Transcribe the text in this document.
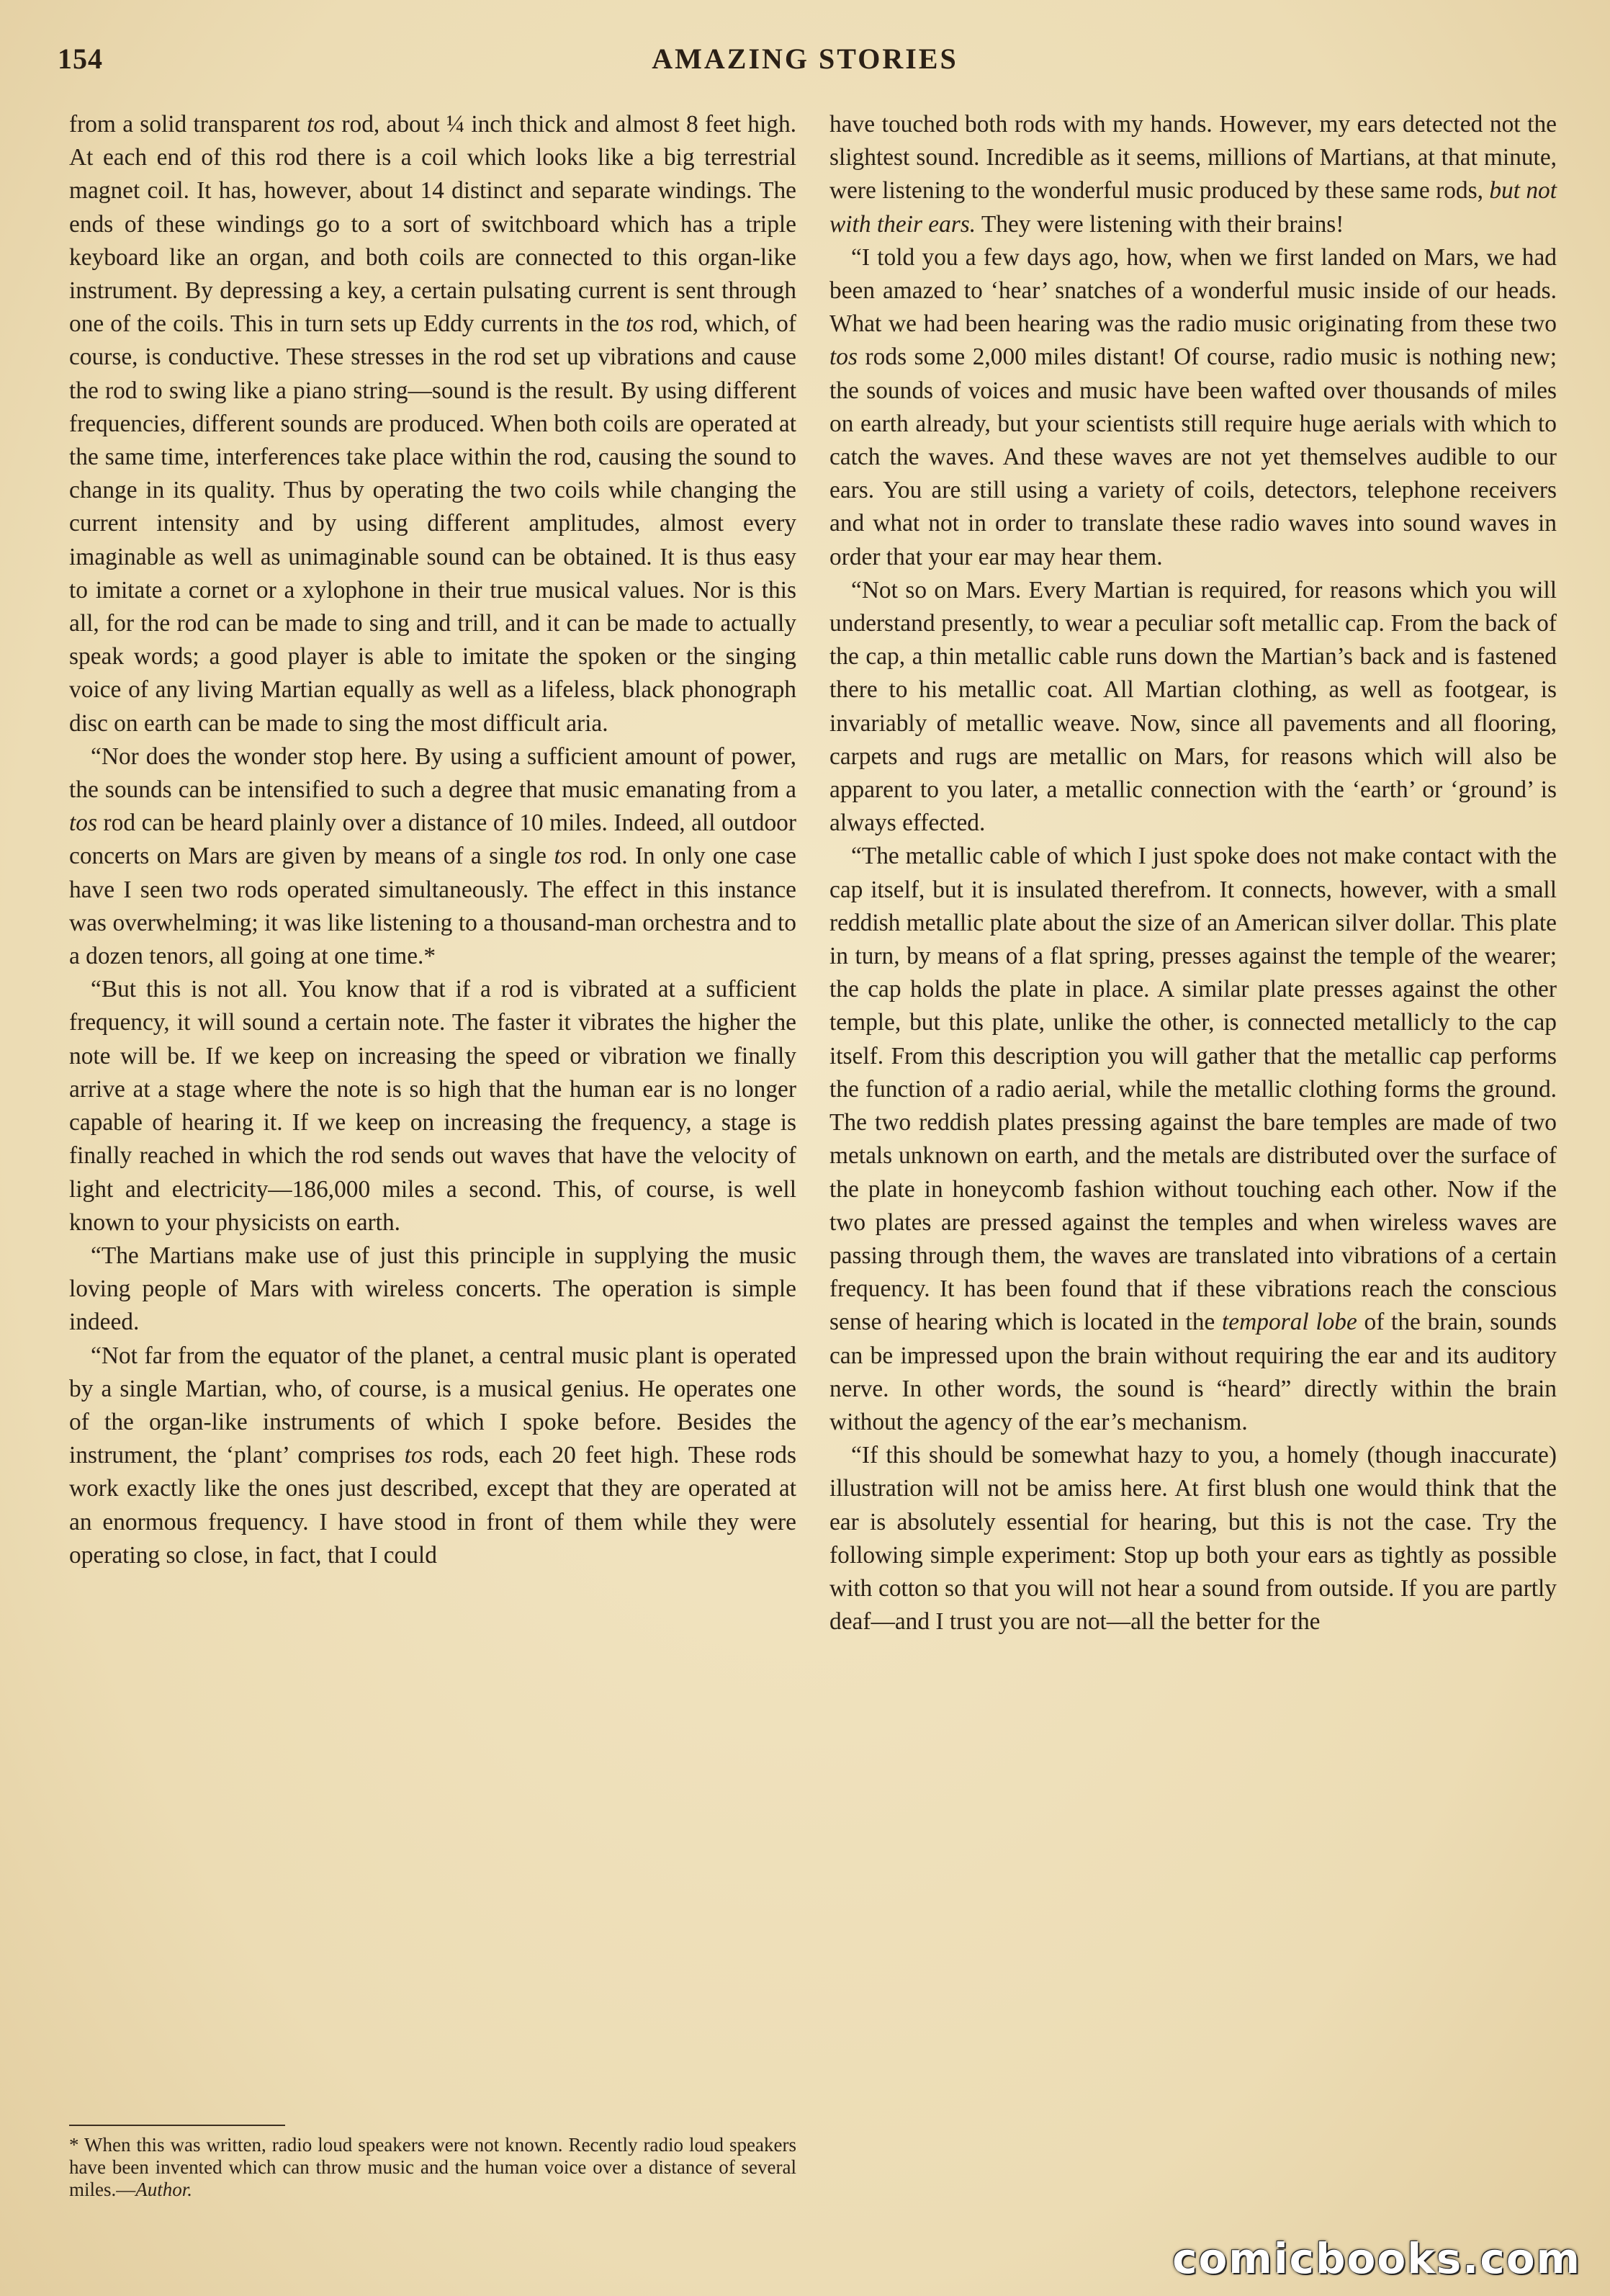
154	AMAZING STORIES

from a solid transparent tos rod, about ¼ inch thick and almost 8 feet high. At each end of this rod there is a coil which looks like a big terrestrial magnet coil. It has, however, about 14 distinct and separate windings. The ends of these windings go to a sort of switchboard which has a triple keyboard like an organ, and both coils are connected to this organ-like instrument. By depressing a key, a certain pulsating current is sent through one of the coils. This in turn sets up Eddy currents in the tos rod, which, of course, is conductive. These stresses in the rod set up vibrations and cause the rod to swing like a piano string—sound is the result. By using different frequencies, different sounds are produced. When both coils are operated at the same time, interferences take place within the rod, causing the sound to change in its quality. Thus by operating the two coils while changing the current intensity and by using different amplitudes, almost every imaginable as well as unimaginable sound can be obtained. It is thus easy to imitate a cornet or a xylophone in their true musical values. Nor is this all, for the rod can be made to sing and trill, and it can be made to actually speak words; a good player is able to imitate the spoken or the singing voice of any living Martian equally as well as a lifeless, black phonograph disc on earth can be made to sing the most difficult aria.

“Nor does the wonder stop here. By using a sufficient amount of power, the sounds can be intensified to such a degree that music emanating from a tos rod can be heard plainly over a distance of 10 miles. Indeed, all outdoor concerts on Mars are given by means of a single tos rod. In only one case have I seen two rods operated simultaneously. The effect in this instance was overwhelming; it was like listening to a thousand-man orchestra and to a dozen tenors, all going at one time.*

“But this is not all. You know that if a rod is vibrated at a sufficient frequency, it will sound a certain note. The faster it vibrates the higher the note will be. If we keep on increasing the speed or vibration we finally arrive at a stage where the note is so high that the human ear is no longer capable of hearing it. If we keep on increasing the frequency, a stage is finally reached in which the rod sends out waves that have the velocity of light and electricity—186,000 miles a second. This, of course, is well known to your physicists on earth.

“The Martians make use of just this principle in supplying the music loving people of Mars with wireless concerts. The operation is simple indeed.

“Not far from the equator of the planet, a central music plant is operated by a single Martian, who, of course, is a musical genius. He operates one of the organ-like instruments of which I spoke before. Besides the instrument, the ‘plant’ comprises tos rods, each 20 feet high. These rods work exactly like the ones just described, except that they are operated at an enormous frequency. I have stood in front of them while they were operating so close, in fact, that I could

have touched both rods with my hands. However, my ears detected not the slightest sound. Incredible as it seems, millions of Martians, at that minute, were listening to the wonderful music produced by these same rods, but not with their ears. They were listening with their brains!

“I told you a few days ago, how, when we first landed on Mars, we had been amazed to ‘hear’ snatches of a wonderful music inside of our heads. What we had been hearing was the radio music originating from these two tos rods some 2,000 miles distant! Of course, radio music is nothing new; the sounds of voices and music have been wafted over thousands of miles on earth already, but your scientists still require huge aerials with which to catch the waves. And these waves are not yet themselves audible to our ears. You are still using a variety of coils, detectors, telephone receivers and what not in order to translate these radio waves into sound waves in order that your ear may hear them.

“Not so on Mars. Every Martian is required, for reasons which you will understand presently, to wear a peculiar soft metallic cap. From the back of the cap, a thin metallic cable runs down the Martian’s back and is fastened there to his metallic coat. All Martian clothing, as well as footgear, is invariably of metallic weave. Now, since all pavements and all flooring, carpets and rugs are metallic on Mars, for reasons which will also be apparent to you later, a metallic connection with the ‘earth’ or ‘ground’ is always effected.

“The metallic cable of which I just spoke does not make contact with the cap itself, but it is insulated therefrom. It connects, however, with a small reddish metallic plate about the size of an American silver dollar. This plate in turn, by means of a flat spring, presses against the temple of the wearer; the cap holds the plate in place. A similar plate presses against the other temple, but this plate, unlike the other, is connected metallicly to the cap itself. From this description you will gather that the metallic cap performs the function of a radio aerial, while the metallic clothing forms the ground. The two reddish plates pressing against the bare temples are made of two metals unknown on earth, and the metals are distributed over the surface of the plate in honeycomb fashion without touching each other. Now if the two plates are pressed against the temples and when wireless waves are passing through them, the waves are translated into vibrations of a certain frequency. It has been found that if these vibrations reach the conscious sense of hearing which is located in the temporal lobe of the brain, sounds can be impressed upon the brain without requiring the ear and its auditory nerve. In other words, the sound is “heard” directly within the brain without the agency of the ear’s mechanism.

“If this should be somewhat hazy to you, a homely (though inaccurate) illustration will not be amiss here. At first blush one would think that the ear is absolutely essential for hearing, but this is not the case. Try the following simple experiment: Stop up both your ears as tightly as possible with cotton so that you will not hear a sound from outside. If you are partly deaf—and I trust you are not—all the better for the

* When this was written, radio loud speakers were not known. Recently radio loud speakers have been invented which can throw music and the human voice over a distance of several miles.—Author.
comicbooks.com
